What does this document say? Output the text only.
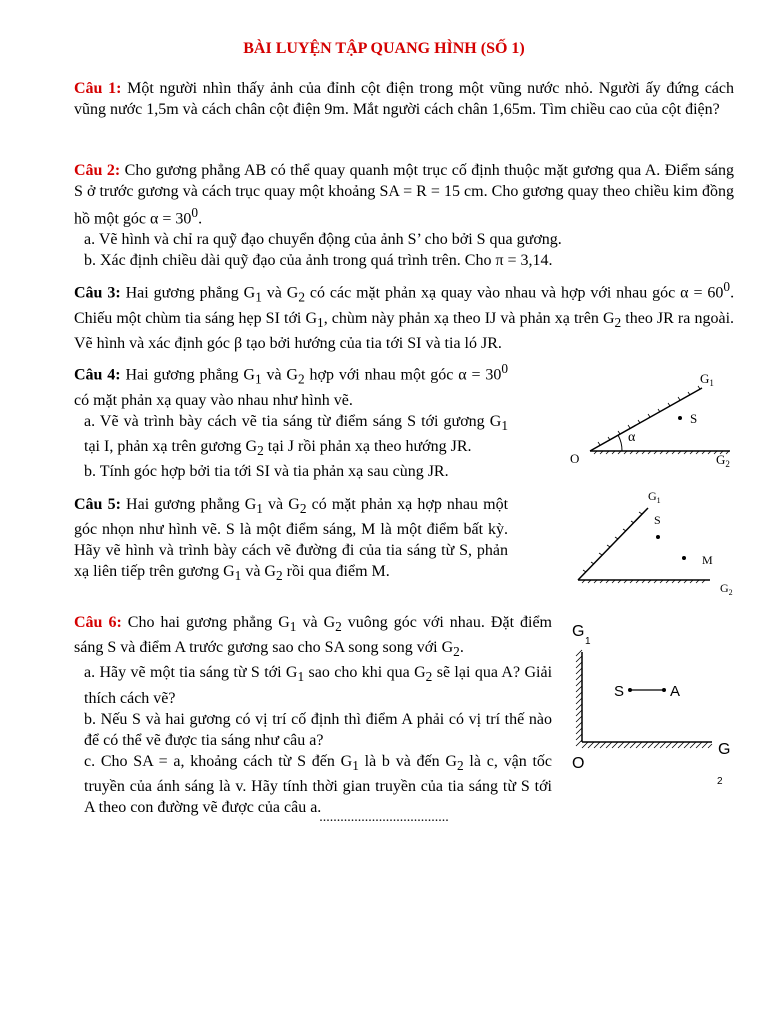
BÀI LUYỆN TẬP QUANG HÌNH (SỐ 1)
Câu 1: Một người nhìn thấy ảnh của đỉnh cột điện trong một vũng nước nhỏ. Người ấy đứng cách vũng nước 1,5m và cách chân cột điện 9m. Mắt người cách chân 1,65m. Tìm chiều cao của cột điện?
Câu 2: Cho gương phẳng AB có thể quay quanh một trục cố định thuộc mặt gương qua A. Điểm sáng S ở trước gương và cách trục quay một khoảng SA = R = 15 cm. Cho gương quay theo chiều kim đồng hồ một góc $\alpha = 30^0$.
a. Vẽ hình và chỉ ra quỹ đạo chuyển động của ảnh S’ cho bởi S qua gương.
b. Xác định chiều dài quỹ đạo của ảnh trong quá trình trên. Cho π = 3,14.
Câu 3: Hai gương phẳng $G_1$ và $G_2$ có các mặt phản xạ quay vào nhau và hợp với nhau góc $\alpha = 60^0$. Chiếu một chùm tia sáng hẹp SI tới $G_1$, chùm này phản xạ theo IJ và phản xạ trên $G_2$ theo JR ra ngoài. Vẽ hình và xác định góc β tạo bởi hướng của tia tới SI và tia ló JR.
Câu 4: Hai gương phẳng $G_1$ và $G_2$ hợp với nhau một góc $\alpha = 30^0$ có mặt phản xạ quay vào nhau như hình vẽ.
a. Vẽ và trình bày cách vẽ tia sáng từ điểm sáng S tới gương $G_1$ tại I, phản xạ trên gương $G_2$ tại J rồi phản xạ theo hướng JR.
b. Tính góc hợp bởi tia tới SI và tia phản xạ sau cùng JR.
α
S
$G_1$
$G_2$
O
Câu 5: Hai gương phẳng $G_1$ và $G_2$ có mặt phản xạ hợp nhau một góc nhọn như hình vẽ. S là một điểm sáng, M là một điểm bất kỳ. Hãy vẽ hình và trình bày cách vẽ đường đi của tia sáng từ S, phản xạ liên tiếp trên gương $G_1$ và $G_2$ rồi qua điểm M.
S
M
$G_1$
$G_2$
Câu 6: Cho hai gương phẳng $G_1$ và $G_2$ vuông góc với nhau. Đặt điểm sáng S và điểm A trước gương sao cho SA song song với $G_2$.
a. Hãy vẽ một tia sáng từ S tới $G_1$ sao cho khi qua $G_2$ sẽ lại qua A? Giải thích cách vẽ?
b. Nếu S và hai gương có vị trí cố định thì điểm A phải có vị trí thế nào để có thể vẽ được tia sáng như câu a?
c. Cho SA = a, khoảng cách từ S đến $G_1$ là b và đến $G_2$ là c, vận tốc truyền của ánh sáng là v. Hãy tính thời gian truyền của tia sáng từ S tới A theo con đường vẽ được của câu a.
S	A
G
1
G
2
O
.....................................
